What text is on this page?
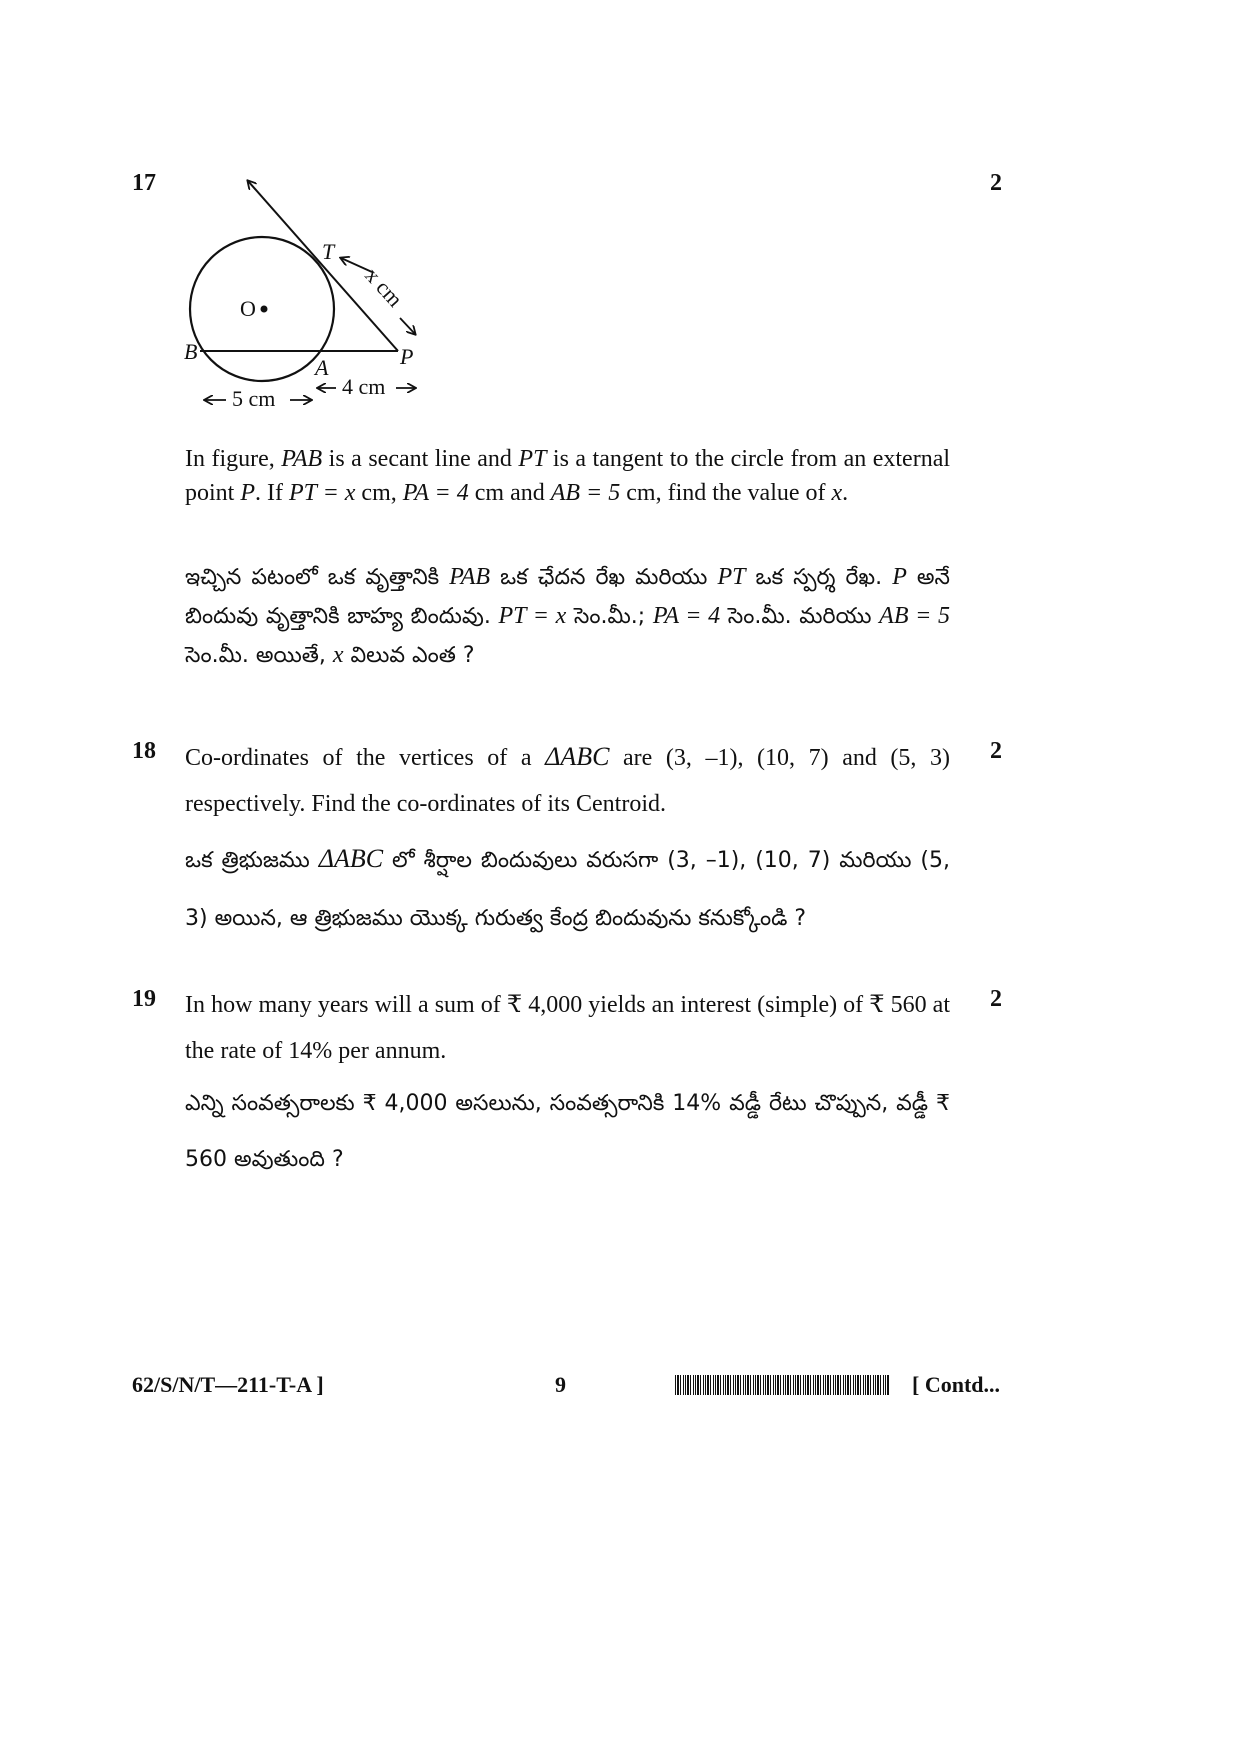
17	2
T
x cm
O
B
A	P
5 cm	4 cm

In figure, PAB is a secant line and PT is a tangent to the circle from an external point P. If PT = x cm, PA = 4 cm and AB = 5 cm, find the value of x.

ఇచ్చిన పటంలో ఒక వృత్తానికి PAB ఒక ఛేదన రేఖ మరియు PT ఒక స్పర్శ రేఖ. P అనే బిందువు వృత్తానికి బాహ్య బిందువు. PT = x సెం.మీ.; PA = 4 సెం.మీ. మరియు AB = 5 సెం.మీ. అయితే, x విలువ ఎంత ?

18	2

Co-ordinates of the vertices of a ΔABC are (3, –1), (10, 7) and (5, 3) respectively. Find the co-ordinates of its Centroid.

ఒక త్రిభుజము ΔABC లో శీర్షాల బిందువులు వరుసగా (3, –1), (10, 7) మరియు (5, 3) అయిన, ఆ త్రిభుజము యొక్క గురుత్వ కేంద్ర బిందువును కనుక్కోండి ?

19	2

In how many years will a sum of ₹ 4,000 yields an interest (simple) of ₹ 560 at the rate of 14% per annum.

ఎన్ని సంవత్సరాలకు ₹ 4,000 అసలును, సంవత్సరానికి 14% వడ్డీ రేటు చొప్పున, వడ్డీ ₹ 560 అవుతుంది ?

62/S/N/T—211-T-A ]	9	[ Contd...
